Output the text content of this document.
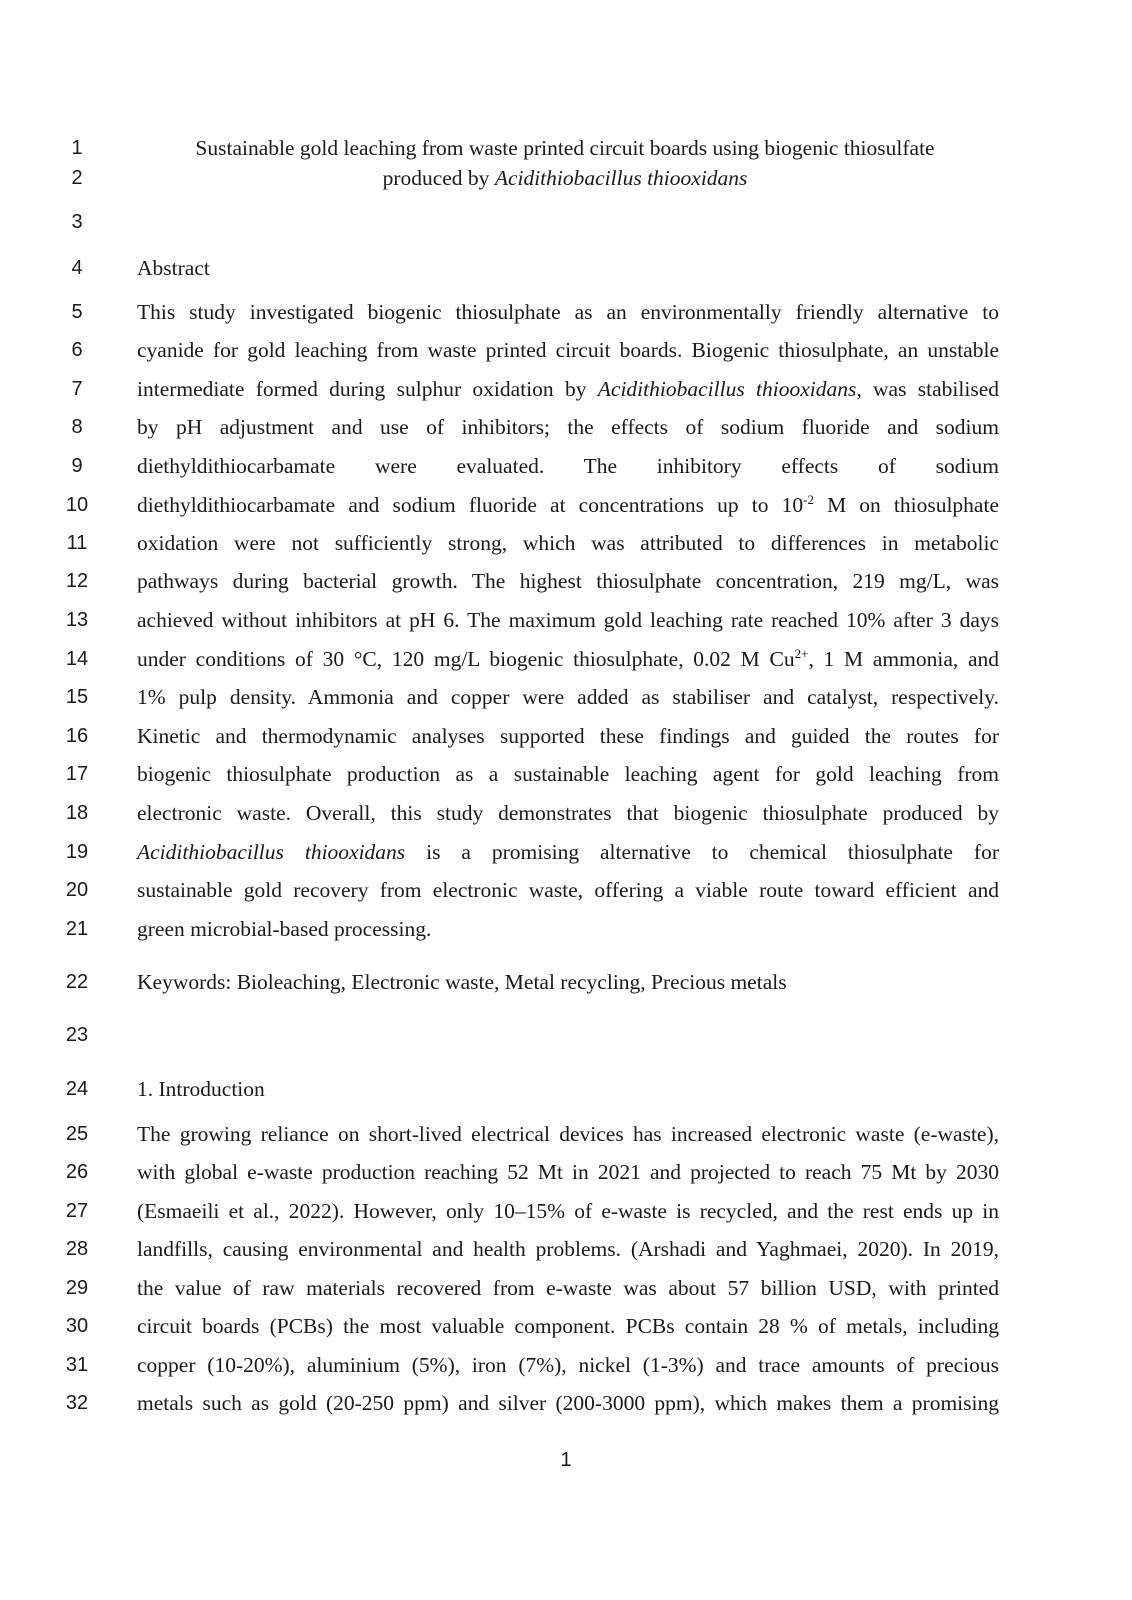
1	Sustainable gold leaching from waste printed circuit boards using biogenic thiosulfate
2	produced by Acidithiobacillus thiooxidans
3
4	Abstract
5	This study investigated biogenic thiosulphate as an environmentally friendly alternative to
6	cyanide for gold leaching from waste printed circuit boards. Biogenic thiosulphate, an unstable
7	intermediate formed during sulphur oxidation by Acidithiobacillus thiooxidans, was stabilised
8	by pH adjustment and use of inhibitors; the effects of sodium fluoride and sodium
9	diethyldithiocarbamate were evaluated. The inhibitory effects of sodium
10	diethyldithiocarbamate and sodium fluoride at concentrations up to $10^{-2}$ M on thiosulphate
11	oxidation were not sufficiently strong, which was attributed to differences in metabolic
12	pathways during bacterial growth. The highest thiosulphate concentration, 219 mg/L, was
13	achieved without inhibitors at pH 6. The maximum gold leaching rate reached 10% after 3 days
14	under conditions of 30 °C, 120 mg/L biogenic thiosulphate, 0.02 M $Cu^{2+}$, 1 M ammonia, and
15	1% pulp density. Ammonia and copper were added as stabiliser and catalyst, respectively.
16	Kinetic and thermodynamic analyses supported these findings and guided the routes for
17	biogenic thiosulphate production as a sustainable leaching agent for gold leaching from
18	electronic waste. Overall, this study demonstrates that biogenic thiosulphate produced by
19	Acidithiobacillus thiooxidans is a promising alternative to chemical thiosulphate for
20	sustainable gold recovery from electronic waste, offering a viable route toward efficient and
21	green microbial-based processing.
22	Keywords: Bioleaching, Electronic waste, Metal recycling, Precious metals
23
24	1. Introduction
25	The growing reliance on short-lived electrical devices has increased electronic waste (e-waste),
26	with global e-waste production reaching 52 Mt in 2021 and projected to reach 75 Mt by 2030
27	(Esmaeili et al., 2022). However, only 10–15% of e-waste is recycled, and the rest ends up in
28	landfills, causing environmental and health problems. (Arshadi and Yaghmaei, 2020). In 2019,
29	the value of raw materials recovered from e-waste was about 57 billion USD, with printed
30	circuit boards (PCBs) the most valuable component. PCBs contain 28 % of metals, including
31	copper (10-20%), aluminium (5%), iron (7%), nickel (1-3%) and trace amounts of precious
32	metals such as gold (20-250 ppm) and silver (200-3000 ppm), which makes them a promising
1
